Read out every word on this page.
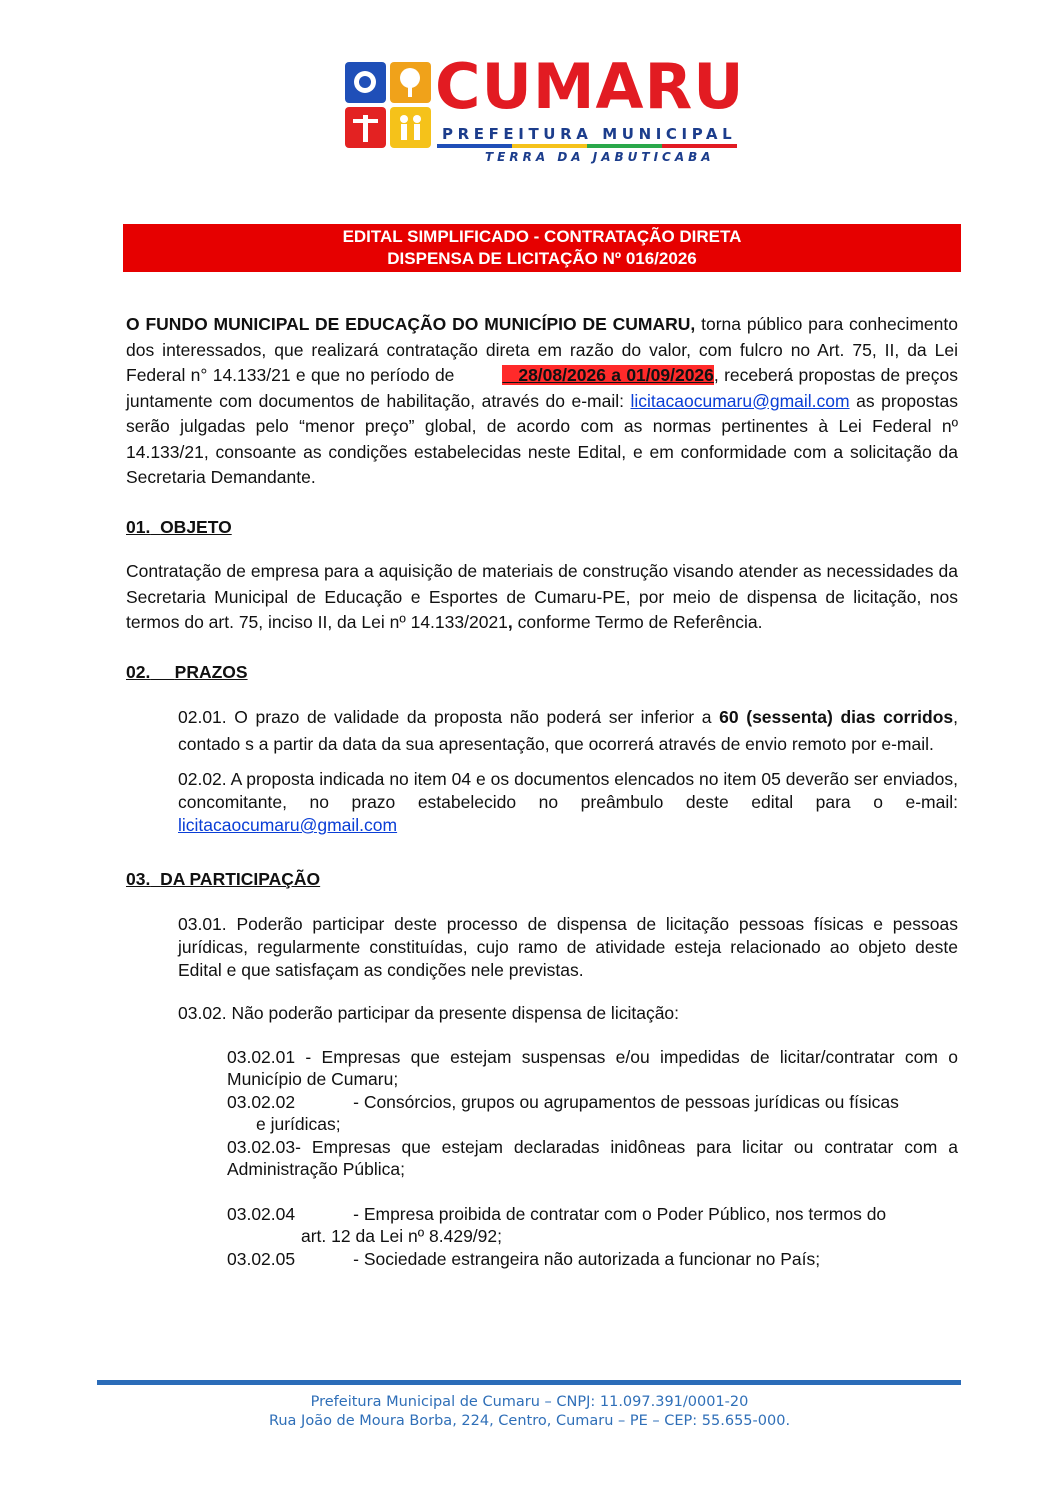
CUMARU
PREFEITURA MUNICIPAL
TERRA DA JABUTICABA
EDITAL SIMPLIFICADO - CONTRATAÇÃO DIRETA
DISPENSA DE LICITAÇÃO Nº 016/2026

O FUNDO MUNICIPAL DE EDUCAÇÃO DO MUNICÍPIO DE CUMARU, torna público para conhecimento dos interessados, que realizará contratação direta em razão do valor, com fulcro no Art. 75, II, da Lei Federal n° 14.133/21 e que no período de	28/08/2026 a 01/09/2026, receberá propostas de preços juntamente com documentos de habilitação, através do e-mail: licitacaocumaru@gmail.com as propostas serão julgadas pelo “menor preço” global, de acordo com as normas pertinentes à Lei Federal nº 14.133/21, consoante as condições estabelecidas neste Edital, e em conformidade com a solicitação da Secretaria Demandante.

01. OBJETO

Contratação de empresa para a aquisição de materiais de construção visando atender as necessidades da Secretaria Municipal de Educação e Esportes de Cumaru-PE, por meio de dispensa de licitação, nos termos do art. 75, inciso II, da Lei nº 14.133/2021, conforme Termo de Referência.

02. PRAZOS

02.01. O prazo de validade da proposta não poderá ser inferior a 60 (sessenta) dias corridos, contado s a partir da data da sua apresentação, que ocorrerá através de envio remoto por e-mail.

02.02. A proposta indicada no item 04 e os documentos elencados no item 05 deverão ser enviados, concomitante, no prazo estabelecido no preâmbulo deste edital para o e-mail: licitacaocumaru@gmail.com

03. DA PARTICIPAÇÃO

03.01. Poderão participar deste processo de dispensa de licitação pessoas físicas e pessoas jurídicas, regularmente constituídas, cujo ramo de atividade esteja relacionado ao objeto deste Edital e que satisfaçam as condições nele previstas.

03.02. Não poderão participar da presente dispensa de licitação:

03.02.01 - Empresas que estejam suspensas e/ou impedidas de licitar/contratar com o Município de Cumaru;

03.02.02	- Consórcios, grupos ou agrupamentos de pessoas jurídicas ou físicas

e jurídicas;

03.02.03- Empresas que estejam declaradas inidôneas para licitar ou contratar com a Administração Pública;

03.02.04	- Empresa proibida de contratar com o Poder Público, nos termos do

art. 12 da Lei nº 8.429/92;

03.02.05	- Sociedade estrangeira não autorizada a funcionar no País;

Prefeitura Municipal de Cumaru – CNPJ: 11.097.391/0001-20
Rua João de Moura Borba, 224, Centro, Cumaru – PE – CEP: 55.655-000.
